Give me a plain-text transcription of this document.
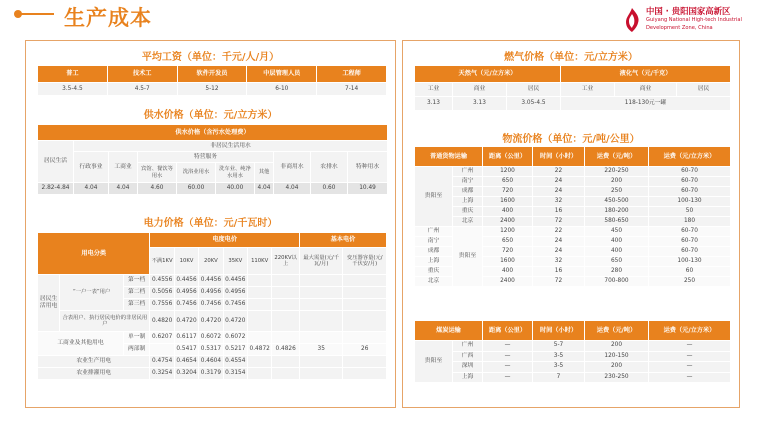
生产成本	中国 · 贵阳国家高新区
Guiyang National High-tech Industrial
Development Zone, China
平均工资（单位：千元/人/月）
普工	技术工	软件开发员	中层管理人员	工程师
3.5-4.5	4.5-7	5-12	6-10	7-14
供水价格（单位：元/立方米）
供水价格（含污水处理费）									
居民生活	非居民生活用水								
	行政事业	工商业	特营服务				非商用水	农排水	特种用水
			宾馆、餐饮等用水	洗浴业用水	洗车业、纯净水用水	其他			
2.82-4.84	4.04	4.04	4.60	60.00	40.00	4.04	4.04	0.60	10.49
电力价格（单位：元/千瓦时）
用电分类			电度电价						基本电价	
			不满1KV	10KV	20KV	35KV	110KV	220KV以上	最大需量(元/千瓦/月)	变压器容量(元/千伏安/月)
居民生活用电	“一户一表”用户	第一档	0.4556	0.4456	0.4456	0.4456				
		第二档	0.5056	0.4956	0.4956	0.4956				
		第三档	0.7556	0.7456	0.7456	0.7456				
	合表用户、执行居民电价的非居民用户		0.4820	0.4720	0.4720	0.4720				
工商业及其他用电		单一制	0.6207	0.6117	0.6072	0.6072				
		两部制		0.5417	0.5317	0.5217	0.4872	0.4826	35	26
农业生产用电			0.4754	0.4654	0.4604	0.4554				
农业排灌用电			0.3254	0.3204	0.3179	0.3154				
燃气价格（单位：元/立方米）
天然气（元/立方米）			液化气（元/千克）		
工业	商业	居民	工业	商业	居民
3.13	3.13	3.05-4.5	118-130元一罐		
物流价格（单位：元/吨/公里）
普通货物运输		距离（公里）	时间（小时）	运费（元/吨）	运费（元/立方米）
贵阳至	广州	1200	22	220-250	60-70
	南宁	650	24	200	60-70
	成都	720	24	250	60-70
	上海	1600	32	450-500	100-130
	重庆	400	16	180-200	50
	北京	2400	72	580-650	180
广州	贵阳至	1200	22	450	60-70
南宁		650	24	400	60-70
成都		720	24	400	60-70
上海		1600	32	650	100-130
重庆		400	16	280	60
北京		2400	72	700-800	250
煤炭运输		距离（公里）	时间（小时）	运费（元/吨）	运费（元/立方米）
贵阳至	广州	—	5-7	200	—
	广西	—	3-5	120-150	—
	深圳	—	3-5	200	—
	上海	—	7	230-250	—
